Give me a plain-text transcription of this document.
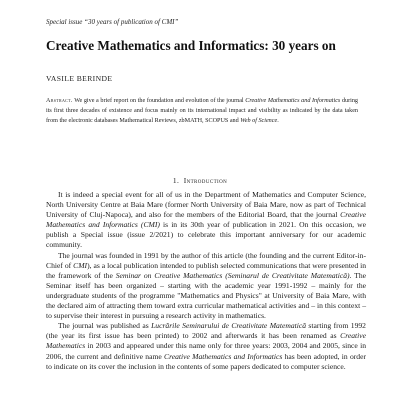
Special issue “30 years of publication of CMI”
Creative Mathematics and Informatics: 30 years on
VASILE BERINDE

Abstract. We give a brief report on the foundation and evolution of the journal Creative Mathematics and Informatics during its first three decades of existence and focus mainly on its international impact and visibility as indicated by the data taken from the electronic databases Mathematical Reviews, zbMATH, SCOPUS and Web of Science.

1. Introduction

It is indeed a special event for all of us in the Department of Mathematics and Computer Science, North University Centre at Baia Mare (former North University of Baia Mare, now as part of Technical University of Cluj-Napoca), and also for the members of the Editorial Board, that the journal Creative Mathematics and Informatics (CMI) is in its 30th year of publication in 2021. On this occasion, we publish a Special issue (issue 2/2021) to celebrate this important anniversary for our academic community.

The journal was founded in 1991 by the author of this article (the founding and the current Editor-in-Chief of CMI), as a local publication intended to publish selected communications that were presented in the framework of the Seminar on Creative Mathematics (Seminarul de Creativitate Matematică). The Seminar itself has been organized – starting with the academic year 1991-1992 – mainly for the undergraduate students of the programme "Mathematics and Physics" at University of Baia Mare, with the declared aim of attracting them toward extra curricular mathematical activities and – in this context – to supervise their interest in pursuing a research activity in mathematics.

The journal was published as Lucrările Seminarului de Creativitate Matematică starting from 1992 (the year its first issue has been printed) to 2002 and afterwards it has been renamed as Creative Mathematics in 2003 and appeared under this name only for three years: 2003, 2004 and 2005, since in 2006, the current and definitive name Creative Mathematics and Informatics has been adopted, in order to indicate on its cover the inclusion in the contents of some papers dedicated to computer science.
